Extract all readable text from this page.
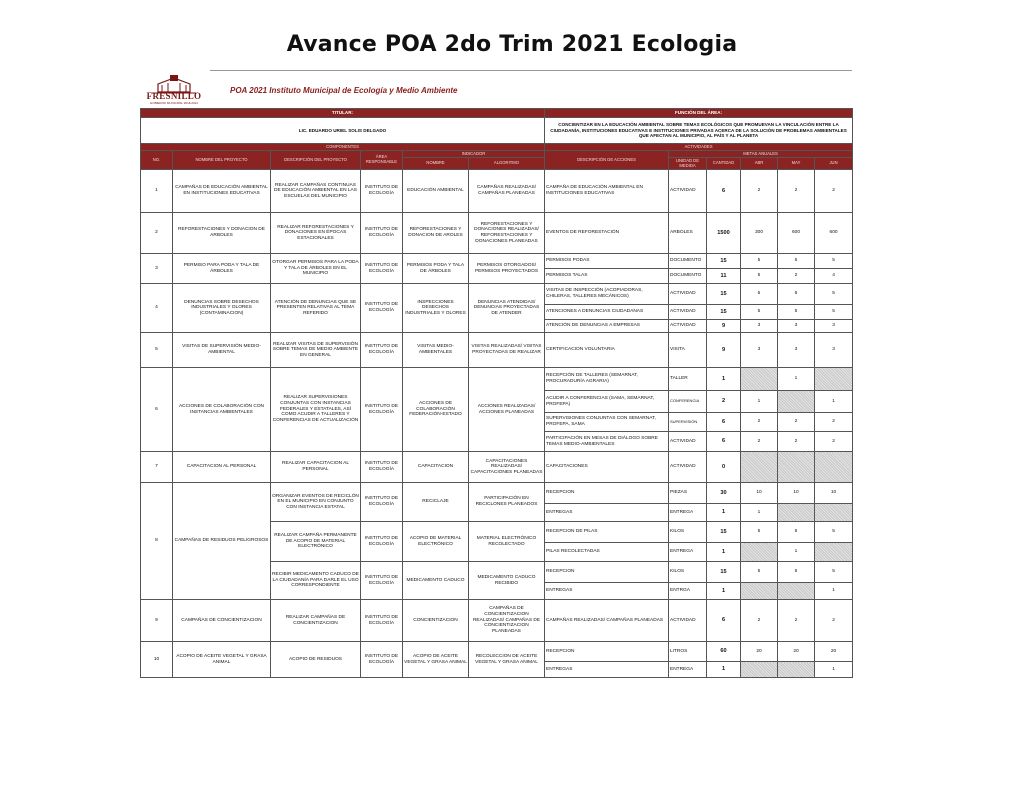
Avance POA 2do Trim 2021 Ecologia
FRESNILLO
GOBIERNO MUNICIPAL 2018-2021
POA 2021 Instituto Municipal de Ecología y Medio Ambiente
TITULAR:						FUNCIÓN DEL ÁREA:					
LIC. EDUARDO URIEL SOLIS DELGADO						CONCIENTIZAR EN LA EDUCACIÓN AMBIENTAL SOBRE TEMAS ECOLÓGICOS QUE PROMUEVAN LA VINCULACIÓN ENTRE LA CIUDADANÍA, INSTITUCIONES EDUCATIVAS E INSTITUCIONES PRIVADAS ACERCA DE LA SOLUCIÓN DE PROBLEMAS AMBIENTALES QUE AFECTAN AL MUNICIPIO, AL PAÍS Y AL PLANETA					
COMPONENTES						ACTIVIDADES					
NO.	NOMBRE DEL PROYECTO	DESCRIPCIÓN DEL PROYECTO	ÁREA RESPONSABLE	INDICADOR		DESCRIPCIÓN DE ACCIONES	METAS ANUALES				
				NOMBRE	ALGORITMO		UNIDAD DE MEDIDA	CANTIDAD	ABR	MAY	JUN
1	CAMPAÑAS DE EDUCACIÓN AMBIENTAL EN INSTITUCIONES EDUCATIVAS	REALIZAR CAMPAÑAS CONTINUAS DE EDUCACIÓN AMBIENTAL EN LAS ESCUELAS DEL MUNICIPIO	INSTITUTO DE ECOLOGÍA	EDUCACIÓN AMBIENTAL	CAMPAÑAS REALIZADAS/ CAMPAÑAS PLANEADAS	CAMPAÑA DE EDUCACIÓN AMBIENTAL EN INSTITUCIONES EDUCATIVAS	ACTIVIDAD	6	2	2	2
2	REFORESTACIONES Y DONACION DE ARBOLES	REALIZAR REFORESTACIONES Y DONACIONES EN ÉPOCAS ESTACIONALES	INSTITUTO DE ECOLOGÍA	REFORESTACIONES Y DONACION DE AROLES	REFORESTACIONES Y DONACIONES REALIZADAS/ REFORESTACIONES Y DONACIONES PLANEADAS	EVENTOS DE REFORESTACIÓN	ARBOLES	1500	300	600	600
3	PERMISO PARA PODA Y TALA DE ÁRBOLES	OTORGAR PERMISOS PARA LA PODA Y TALA DE ÁRBOLES EN EL MUNICIPIO	INSTITUTO DE ECOLOGÍA	PERMISOS PODA Y TALA DE ÁRBOLES	PERMISOS OTORGADOS/ PERMISOS PROYECTADOS	PERMISOS PODAS	DOCUMENTO	15	5	5	5
						PERMISOS TALAS	DOCUMENTO	11	5	2	4
4	DENUNCIAS SOBRE DESECHOS INDUSTRIALES Y OLORES (CONTAMINACION)	ATENCIÓN DE DENUNCIAS QUE SE PRESENTEN RELATIVAS AL TEMA REFERIDO	INSTITUTO DE ECOLOGÍA	INSPECCIONES DESECHOS INDUSTRIALES Y OLORES	DENUNCIAS ATENDIDAS/ DENUNCIAS PROYECTADAS DE ATENDER	VISITAS DE INSPECCIÓN (ACOPIADORAS, CHILERAS, TALLERES MECÁNICOS)	ACTIVIDAD	15	5	5	5
						ATENCIONES A DENUNCIAS CIUDADANAS	ACTIVIDAD	15	5	5	5
						ATENCIÓN DE DENUNCIAS A EMPRESAS	ACTIVIDAD	9	3	3	3
5	VISITAS DE SUPERVISIÓN MEDIO-AMBIENTAL	REALIZAR VISITAS DE SUPERVISIÓN SOBRE TEMAS DE MEDIO AMBIENTE EN GENERAL	INSTITUTO DE ECOLOGÍA	VISITAS MEDIO-AMBIENTALES	VISITAS REALIZADAS/ VISITAS PROYECTADAS DE REALIZAR	CERTIFICACION VOLUNTARIA	VISITA	9	3	3	3
6	ACCIONES DE COLABORACIÓN CON INSTANCIAS AMBIENTALES	REALIZAR SUPERVISIONES CONJUNTAS CON INSTANCIAS FEDERALES Y ESTATALES, ASÍ COMO ACUDIR A TALLERES Y CONFERENCIAS DE ACTUALIZACIÓN	INSTITUTO DE ECOLOGÍA	ACCIONES DE COLABORACIÓN FEDERACIÓN-ESTADO	ACCIONES REALIZADAS/ ACCIONES PLANEADAS	RECEPCIÓN DE TALLERES (SEMARNAT, PROCURADURÍA AGRARIA)	TALLER	1		1	
						ACUDIR A CONFERENCIAS (SAMA, SEMARNAT, PROFEPA)	CONFERENCIA	2	1		1
						SUPERVISIONES CONJUNTAS CON SEMARNAT, PROFEPA, SAMA	SUPERVISIÓN	6	2	2	2
						PARTICIPACIÓN EN MESAS DE DIÁLOGO SOBRE TEMAS MEDIO-AMBIENTALES	ACTIVIDAD	6	2	2	2
7	CAPACITACION AL PERSONAL	REALIZAR CAPACITACION AL PERSONAL	INSTITUTO DE ECOLOGÍA	CAPACITACION	CAPACITACIONES REALIZADAS/ CAPACITACIONES PLANEADAS	CAPACITACIONES	ACTIVIDAD	0			
8	CAMPAÑAS DE RESIDUOS PELIGROSOS	ORGANIZAR EVENTOS DE RECICLÓN EN EL MUNICIPIO EN CONJUNTO CON INSTANCIA ESTATAL	INSTITUTO DE ECOLOGÍA	RECICLAJE	PARTICIPACIÓN EN RECICLONES PLANEADOS	RECEPCION	PIEZAS	30	10	10	10
						ENTREGAS	ENTREGA	1	1		
		REALIZAR CAMPAÑA PERMANENTE DE ACOPIO DE MATERIAL ELECTRÓNICO	INSTITUTO DE ECOLOGÍA	ACOPIO DE MATERIAL ELECTRÓNICO	MATERIAL ELECTRÓNICO RECOLECTADO	RECEPCION DE PILAS	KILOS	15	5	5	5
						PILAS RECOLECTADAS	ENTREGA	1		1	
		RECIBIR MEDICAMENTO CADUCO DE LA CIUDADANÍA PARA DARLE EL USO CORRESPONDIENTE	INSTITUTO DE ECOLOGÍA	MEDICAMENTO CADUCO	MEDICAMENTO CADUCO RECIBIDO	RECEPCION	KILOS	15	5	5	5
						ENTREGAS	ENTRGA	1			1
9	CAMPAÑAS DE CONCIENTIZACION	REALIZAR CAMPAÑAS DE CONCIENTIZACION	INSTITUTO DE ECOLOGÍA	CONCIENTIZACION	CAMPAÑAS DE CONCIENTIZACION REALIZADAS/ CAMPAÑAS DE CONCIENTIZACION PLANEADAS	CAMPAÑAS REALIZADAS/ CAMPAÑAS PLANEADAS	ACTIVIDAD	6	2	2	2
10	ACOPIO DE ACEITE VEGETAL Y GRASA ANIMAL	ACOPIO DE RESIDUOS	INSTITUTO DE ECOLOGÍA	ACOPIO DE ACEITE VEGETAL Y GRASA ANIMAL	RECOLECCION DE ACEITE VEGETAL Y GRASA ANIMAL	RECEPCION	LITROS	60	20	20	20
						ENTREGAS	ENTREGA	1			1
